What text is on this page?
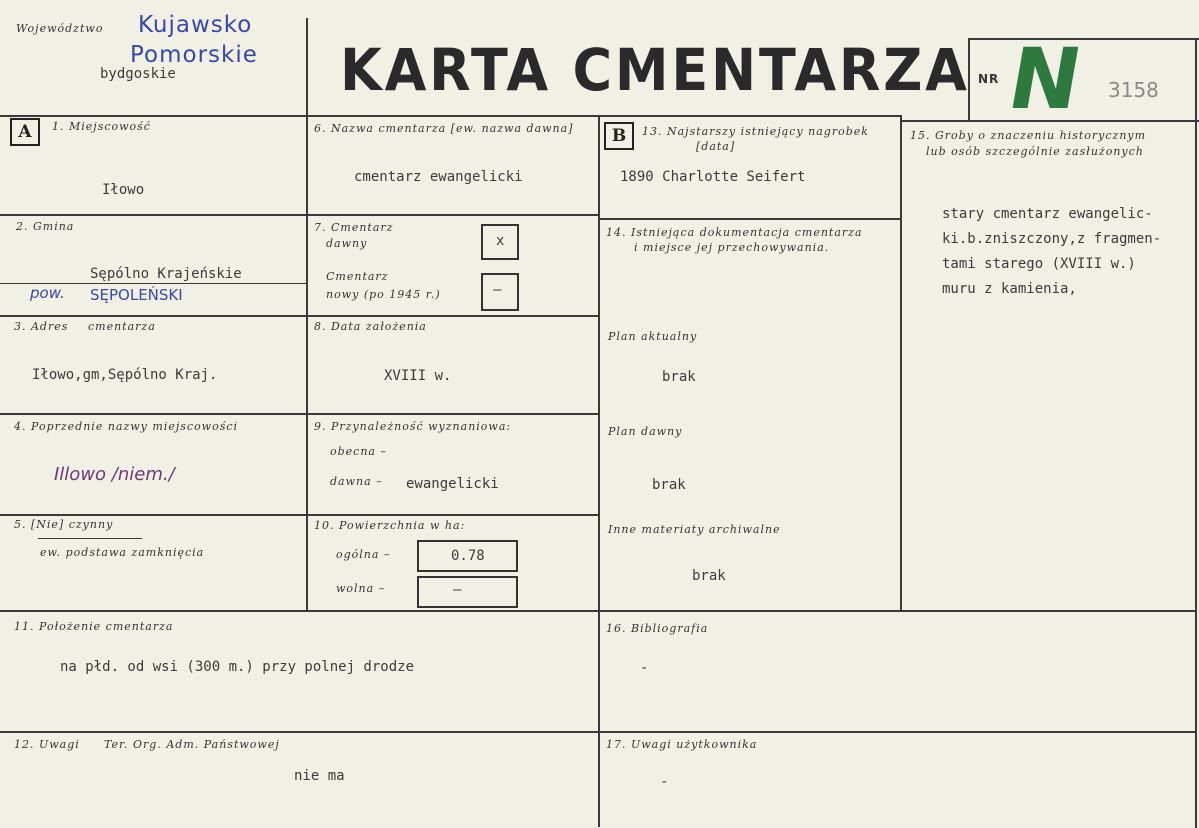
Województwo Kujawsko
Pomorskie
bydgoskie	KARTA CMENTARZA NR N 3158
A	1. Miejscowość
Iłowo
2. Gmina
Sępólno Krajeńskie
pow. SĘPOLEŃSKI
3. Adres cmentarza
Iłowo,gm,Sępólno Kraj.
4. Poprzednie nazwy miejscowości
Illowo /niem./
5. [Nie] czynny
ew. podstawa zamknięcia
6. Nazwa cmentarza [ew. nazwa dawna]
cmentarz ewangelicki
7. Cmentarz
dawny	x
Cmentarz
nowy (po 1945 r.)	—
8. Data założenia
XVIII w.
9. Przynależność wyznaniowa:
obecna –
dawna – ewangelicki
10. Powierzchnia w ha:
ogólna –	0.78
wolna –	—
11. Położenie cmentarza
na płd. od wsi (300 m.) przy polnej drodze
12. Uwagi Ter. Org. Adm. Państwowej
nie ma
B	13. Najstarszy istniejący nagrobek
[data]
1890 Charlotte Seifert
14. Istniejąca dokumentacja cmentarza
i miejsce jej przechowywania.
Plan aktualny
brak
Plan dawny
brak
Inne materiaty archiwalne
brak
15. Groby o znaczeniu historycznym
lub osób szczególnie zasłużonych
stary cmentarz ewangelic-
ki.b.zniszczony,z fragmen-
tami starego (XVIII w.)
muru z kamienia,
16. Bibliografia
-
17. Uwagi użytkownika
-
